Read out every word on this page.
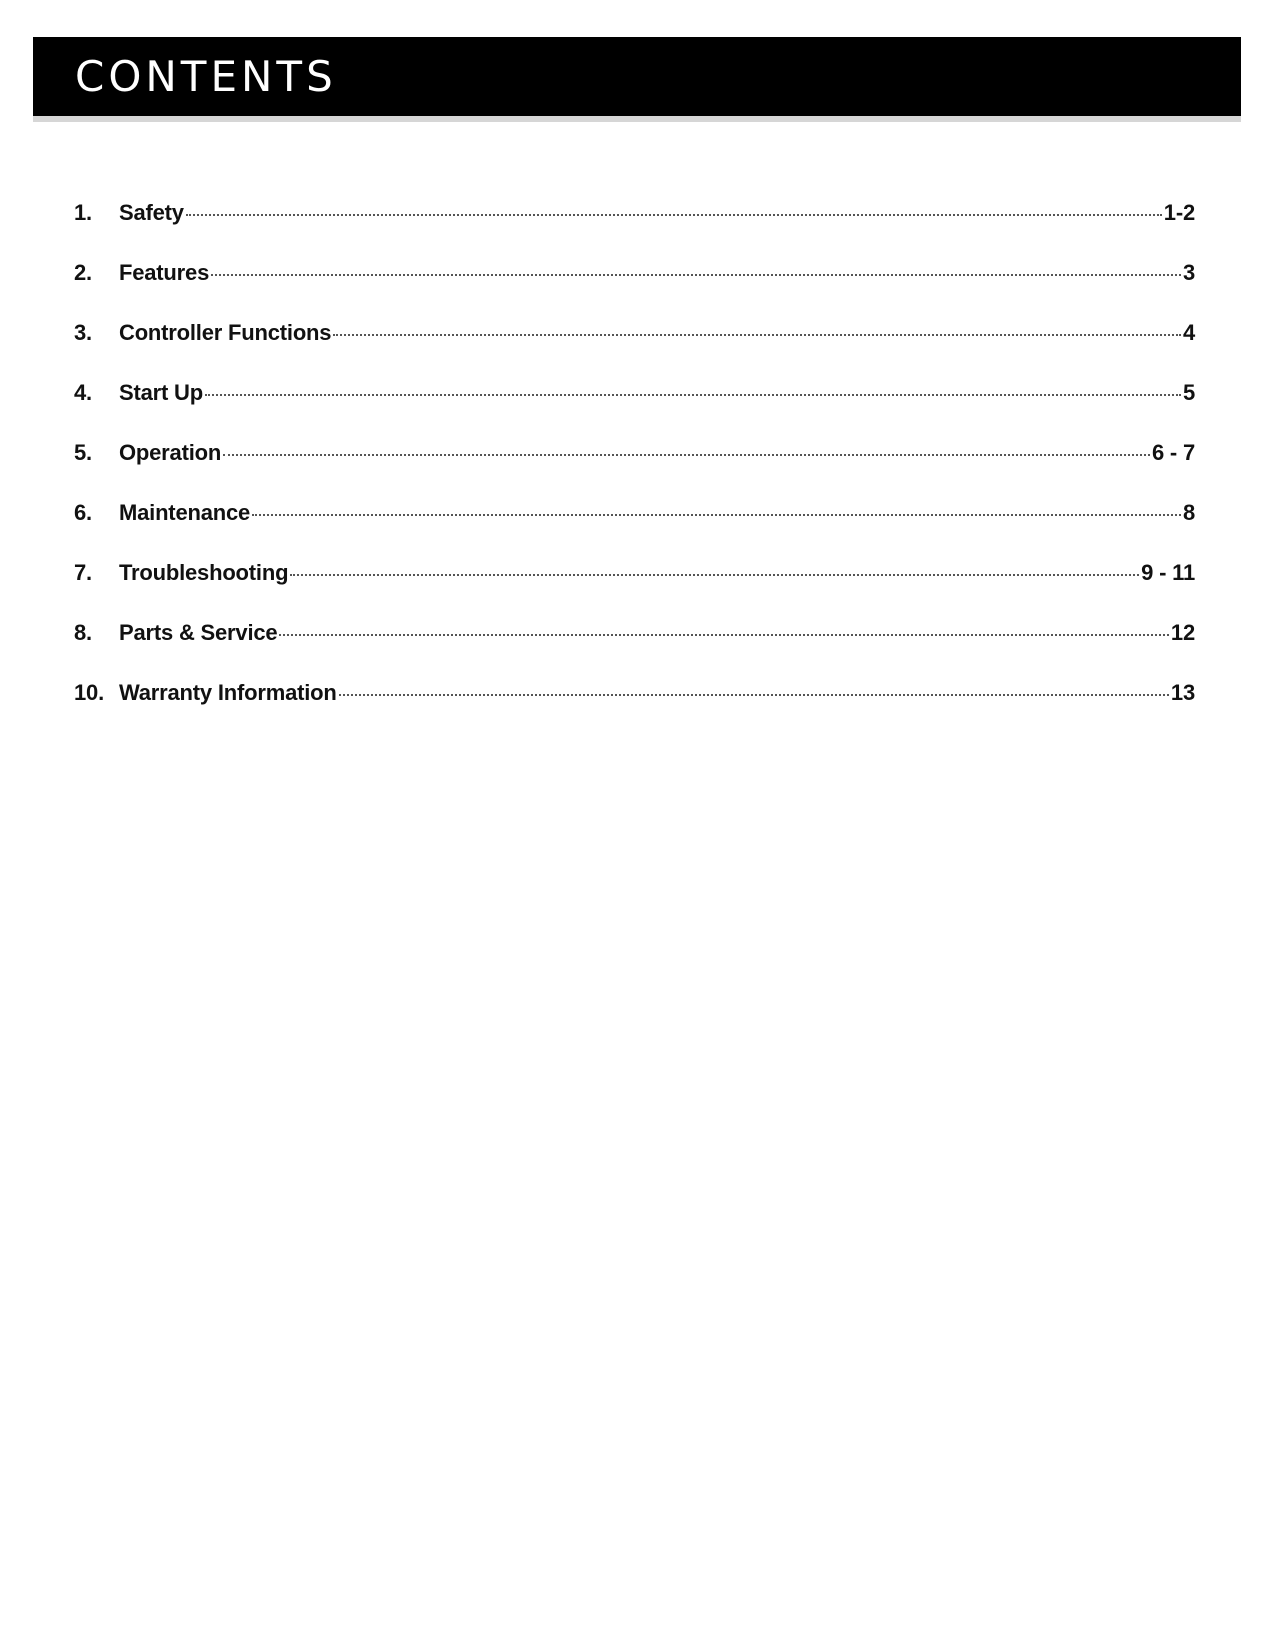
CONTENTS
1.	Safety	1-2
2.	Features	3
3.	Controller Functions	4
4.	Start Up	5
5.	Operation	6 - 7
6.	Maintenance	8
7.	Troubleshooting	9 - 11
8.	Parts & Service	12
10. Warranty Information	13
